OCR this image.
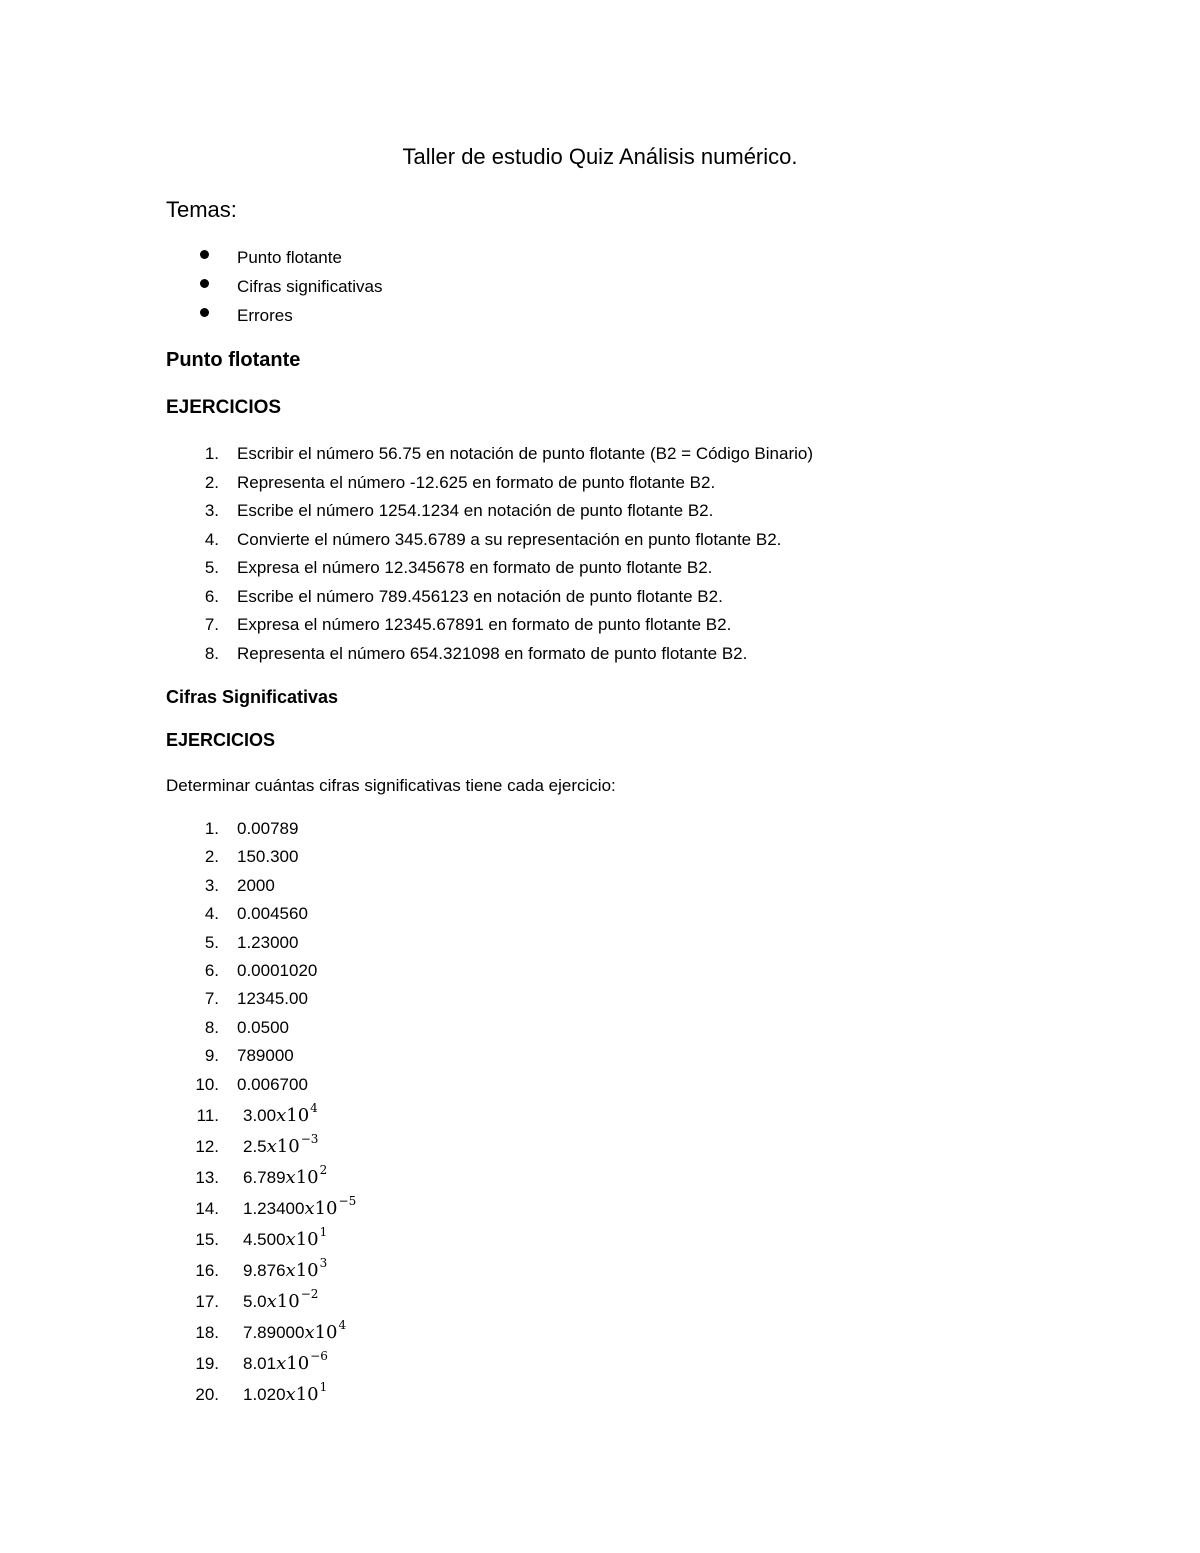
Taller de estudio Quiz Análisis numérico.
Temas:
Punto flotante
Cifras significativas
Errores
Punto flotante
EJERCICIOS
1. Escribir el número 56.75 en notación de punto flotante (B2 = Código Binario)
2. Representa el número -12.625 en formato de punto flotante B2.
3. Escribe el número 1254.1234 en notación de punto flotante B2.
4. Convierte el número 345.6789 a su representación en punto flotante B2.
5. Expresa el número 12.345678 en formato de punto flotante B2.
6. Escribe el número 789.456123 en notación de punto flotante B2.
7. Expresa el número 12345.67891 en formato de punto flotante B2.
8. Representa el número 654.321098 en formato de punto flotante B2.
Cifras Significativas
EJERCICIOS
Determinar cuántas cifras significativas tiene cada ejercicio:
1. 0.00789
2. 150.300
3. 2000
4. 0.004560
5. 1.23000
6. 0.0001020
7. 12345.00
8. 0.0500
9. 789000
10. 0.006700
11. $3.00x10^4$
12. $2.5x10^{-3}$
13. $6.789x10^2$
14. $1.23400x10^{-5}$
15. $4.500x10^1$
16. $9.876x10^3$
17. $5.0x10^{-2}$
18. $7.89000x10^4$
19. $8.01x10^{-6}$
20. $1.020x10^1$
